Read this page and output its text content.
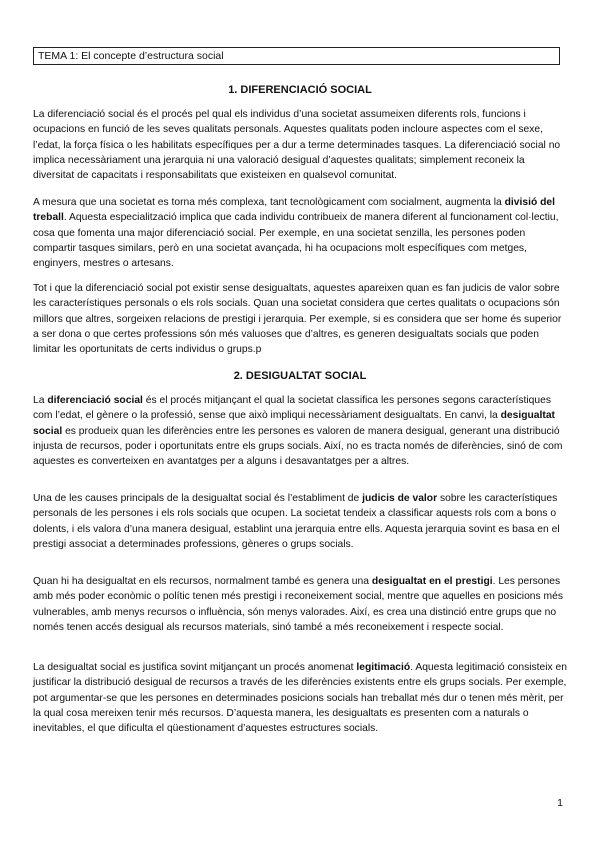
TEMA 1: El concepte d’estructura social
1. DIFERENCIACIÓ SOCIAL

La diferenciació social és el procés pel qual els individus d’una societat assumeixen diferents rols, funcions i ocupacions en funció de les seves qualitats personals. Aquestes qualitats poden incloure aspectes com el sexe, l’edat, la força física o les habilitats específiques per a dur a terme determinades tasques. La diferenciació social no implica necessàriament una jerarquia ni una valoració desigual d’aquestes qualitats; simplement reconeix la diversitat de capacitats i responsabilitats que existeixen en qualsevol comunitat.

A mesura que una societat es torna més complexa, tant tecnològicament com socialment, augmenta la divisió del treball. Aquesta especialització implica que cada individu contribueix de manera diferent al funcionament col·lectiu, cosa que fomenta una major diferenciació social. Per exemple, en una societat senzilla, les persones poden compartir tasques similars, però en una societat avançada, hi ha ocupacions molt específiques com metges, enginyers, mestres o artesans.

Tot i que la diferenciació social pot existir sense desigualtats, aquestes apareixen quan es fan judicis de valor sobre les característiques personals o els rols socials. Quan una societat considera que certes qualitats o ocupacions són millors que altres, sorgeixen relacions de prestigi i jerarquia. Per exemple, si es considera que ser home és superior a ser dona o que certes professions són més valuoses que d’altres, es generen desigualtats socials que poden limitar les oportunitats de certs individus o grups.p

2. DESIGUALTAT SOCIAL

La diferenciació social és el procés mitjançant el qual la societat classifica les persones segons característiques com l’edat, el gènere o la professió, sense que això impliqui necessàriament desigualtats. En canvi, la desigualtat social es produeix quan les diferències entre les persones es valoren de manera desigual, generant una distribució injusta de recursos, poder i oportunitats entre els grups socials. Així, no es tracta només de diferències, sinó de com aquestes es converteixen en avantatges per a alguns i desavantatges per a altres.

Una de les causes principals de la desigualtat social és l’establiment de judicis de valor sobre les característiques personals de les persones i els rols socials que ocupen. La societat tendeix a classificar aquests rols com a bons o dolents, i els valora d’una manera desigual, establint una jerarquia entre ells. Aquesta jerarquia sovint es basa en el prestigi associat a determinades professions, gèneres o grups socials.

Quan hi ha desigualtat en els recursos, normalment també es genera una desigualtat en el prestigi. Les persones amb més poder econòmic o polític tenen més prestigi i reconeixement social, mentre que aquelles en posicions més vulnerables, amb menys recursos o influència, són menys valorades. Així, es crea una distinció entre grups que no només tenen accés desigual als recursos materials, sinó també a més reconeixement i respecte social.

La desigualtat social es justifica sovint mitjançant un procés anomenat legitimació. Aquesta legitimació consisteix en justificar la distribució desigual de recursos a través de les diferències existents entre els grups socials. Per exemple, pot argumentar-se que les persones en determinades posicions socials han treballat més dur o tenen més mèrit, per la qual cosa mereixen tenir més recursos. D’aquesta manera, les desigualtats es presenten com a naturals o inevitables, el que dificulta el qüestionament d’aquestes estructures socials.

1
